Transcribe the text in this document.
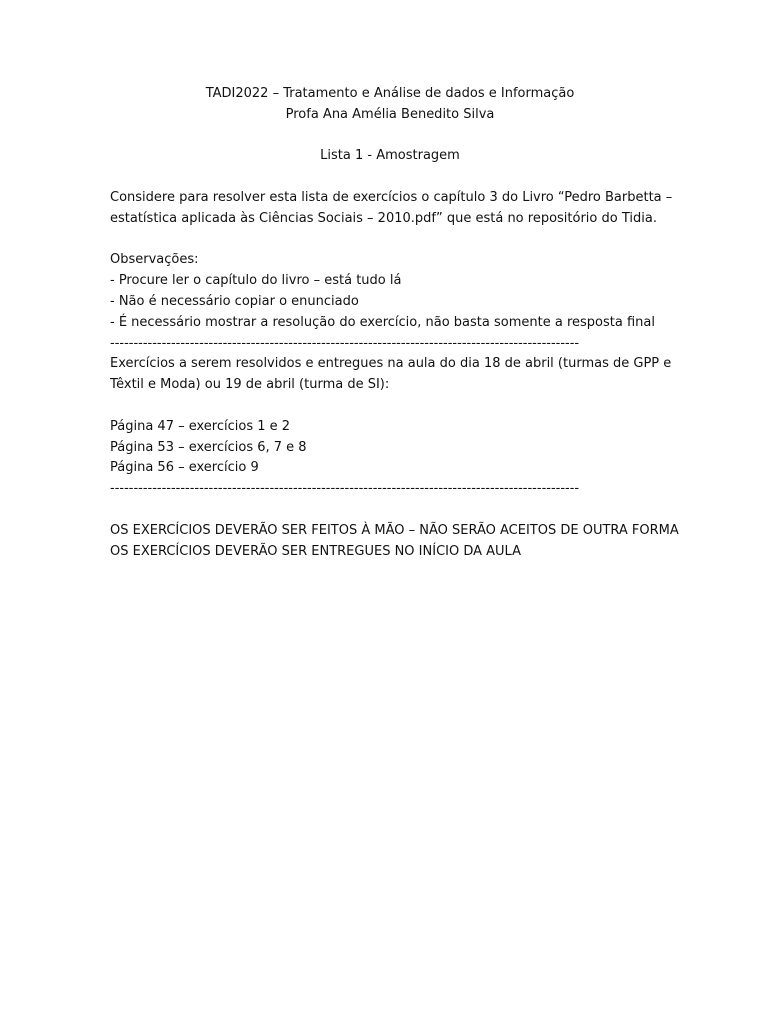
TADI2022 – Tratamento e Análise de dados e Informação
Profa Ana Amélia Benedito Silva
Lista 1 - Amostragem
Considere para resolver esta lista de exercícios o capítulo 3 do Livro “Pedro Barbetta –
estatística aplicada às Ciências Sociais – 2010.pdf” que está no repositório do Tidia.
Observações:
- Procure ler o capítulo do livro – está tudo lá
- Não é necessário copiar o enunciado
- É necessário mostrar a resolução do exercício, não basta somente a resposta final
----------------------------------------------------------------------------------------------------
Exercícios a serem resolvidos e entregues na aula do dia 18 de abril (turmas de GPP e
Têxtil e Moda) ou 19 de abril (turma de SI):
Página 47 – exercícios 1 e 2
Página 53 – exercícios 6, 7 e 8
Página 56 – exercício 9
----------------------------------------------------------------------------------------------------
OS EXERCÍCIOS DEVERÃO SER FEITOS À MÃO – NÃO SERÃO ACEITOS DE OUTRA FORMA
OS EXERCÍCIOS DEVERÃO SER ENTREGUES NO INÍCIO DA AULA
